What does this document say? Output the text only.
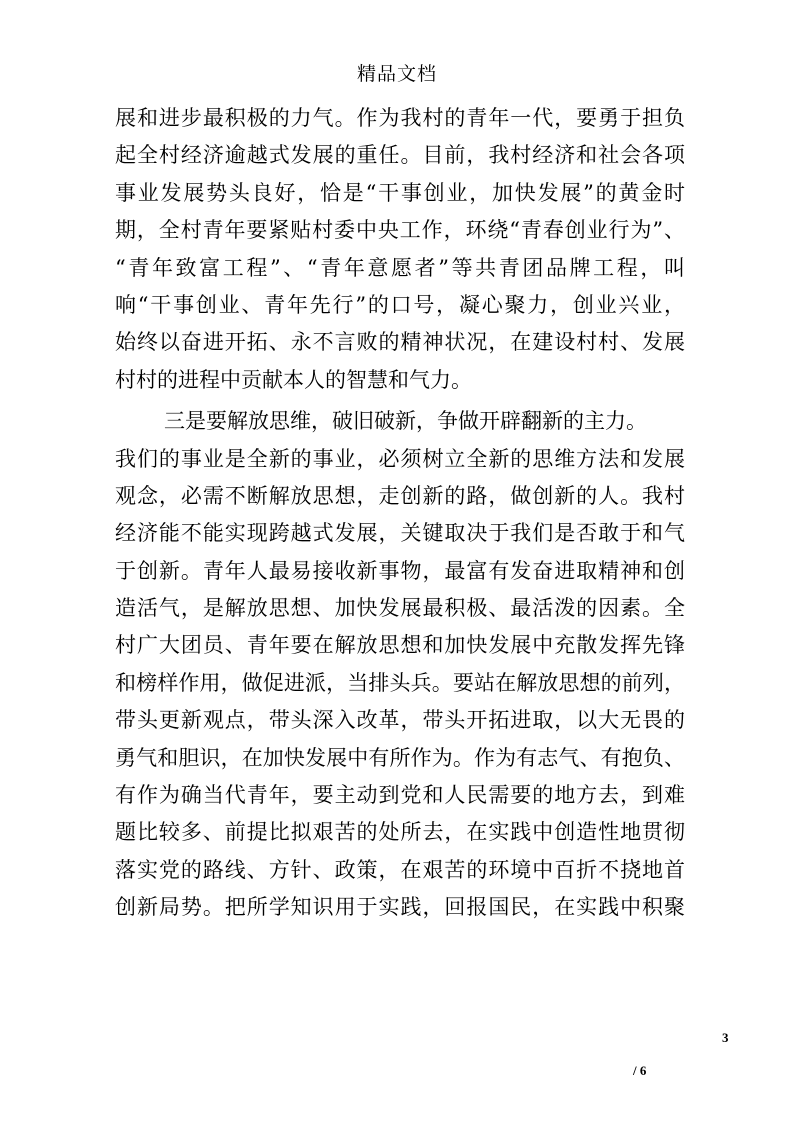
精品文档
展和进步最积极的力气。作为我村的青年一代，要勇于担负
起全村经济逾越式发展的重任。目前，我村经济和社会各项
事业发展势头良好，恰是“干事创业，加快发展”的黄金时
期，全村青年要紧贴村委中央工作，环绕“青春创业行为”、
“青年致富工程”、“青年意愿者”等共青团品牌工程，叫
响“干事创业、青年先行”的口号，凝心聚力，创业兴业，
始终以奋进开拓、永不言败的精神状况，在建设村村、发展
村村的进程中贡献本人的智慧和气力。
三是要解放思维，破旧破新，争做开辟翻新的主力。
我们的事业是全新的事业，必须树立全新的思维方法和发展
观念，必需不断解放思想，走创新的路，做创新的人。我村
经济能不能实现跨越式发展，关键取决于我们是否敢于和气
于创新。青年人最易接收新事物，最富有发奋进取精神和创
造活气，是解放思想、加快发展最积极、最活泼的因素。全
村广大团员、青年要在解放思想和加快发展中充散发挥先锋
和榜样作用，做促进派，当排头兵。要站在解放思想的前列，
带头更新观点，带头深入改革，带头开拓进取，以大无畏的
勇气和胆识，在加快发展中有所作为。作为有志气、有抱负、
有作为确当代青年，要主动到党和人民需要的地方去，到难
题比较多、前提比拟艰苦的处所去，在实践中创造性地贯彻
落实党的路线、方针、政策，在艰苦的环境中百折不挠地首
创新局势。把所学知识用于实践，回报国民，在实践中积聚
3
/ 6
